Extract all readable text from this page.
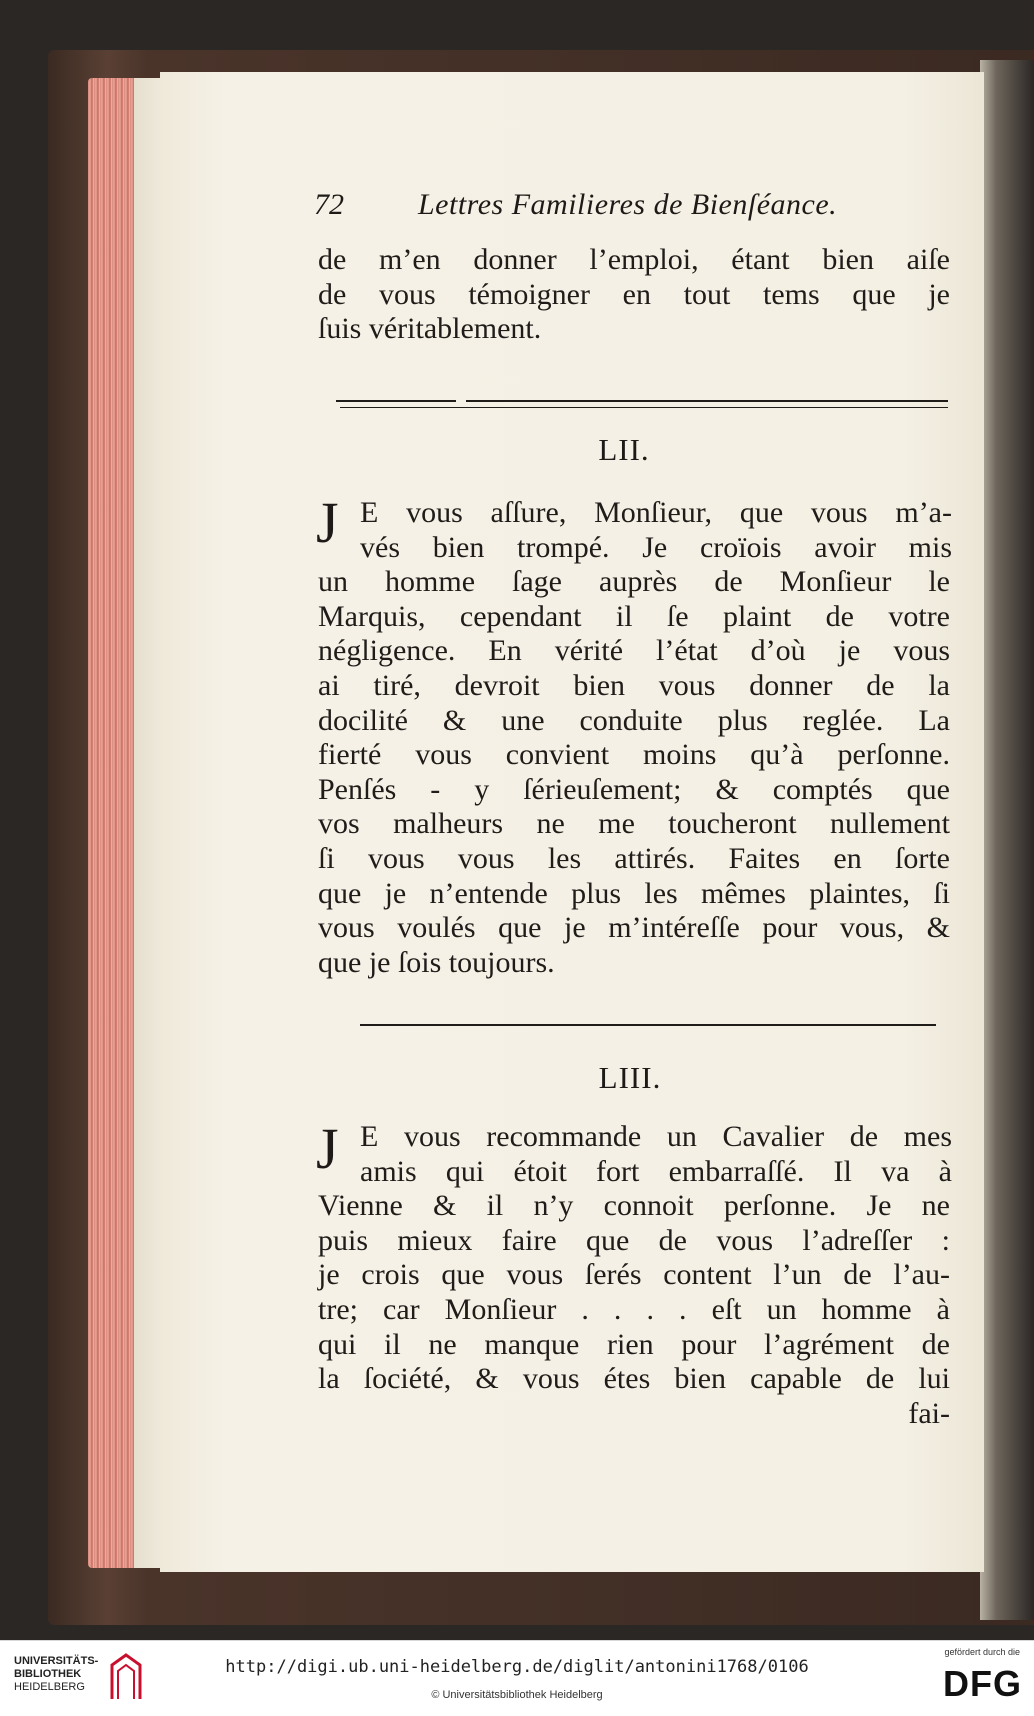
72 Lettres Familieres de Bienſéance.
de m’en donner l’emploi, étant bien aiſe
de vous témoigner en tout tems que je
ſuis véritablement.
LII.
J E vous aſſure, Monſieur, que vous m’a-
vés bien trompé. Je croïois avoir mis
un homme ſage auprès de Monſieur le
Marquis, cependant il ſe plaint de votre
négligence. En vérité l’état d’où je vous
ai tiré, devroit bien vous donner de la
docilité & une conduite plus reglée. La
fierté vous convient moins qu’à perſonne.
Penſés - y ſérieuſement; & comptés que
vos malheurs ne me toucheront nullement
ſi vous vous les attirés. Faites en ſorte
que je n’entende plus les mêmes plaintes, ſi
vous voulés que je m’intéreſſe pour vous, &
que je ſois toujours.
LIII.
J E vous recommande un Cavalier de mes
amis qui étoit fort embarraſſé. Il va à
Vienne & il n’y connoit perſonne. Je ne
puis mieux faire que de vous l’adreſſer :
je crois que vous ſerés content l’un de l’au-
tre; car Monſieur . . . . eſt un homme à
qui il ne manque rien pour l’agrément de
la ſociété, & vous étes bien capable de lui
fai-
UNIVERSITÄTS-
BIBLIOTHEK
HEIDELBERG
http://digi.ub.uni-heidelberg.de/diglit/antonini1768/0106
© Universitätsbibliothek Heidelberg
gefördert durch die
DFG
